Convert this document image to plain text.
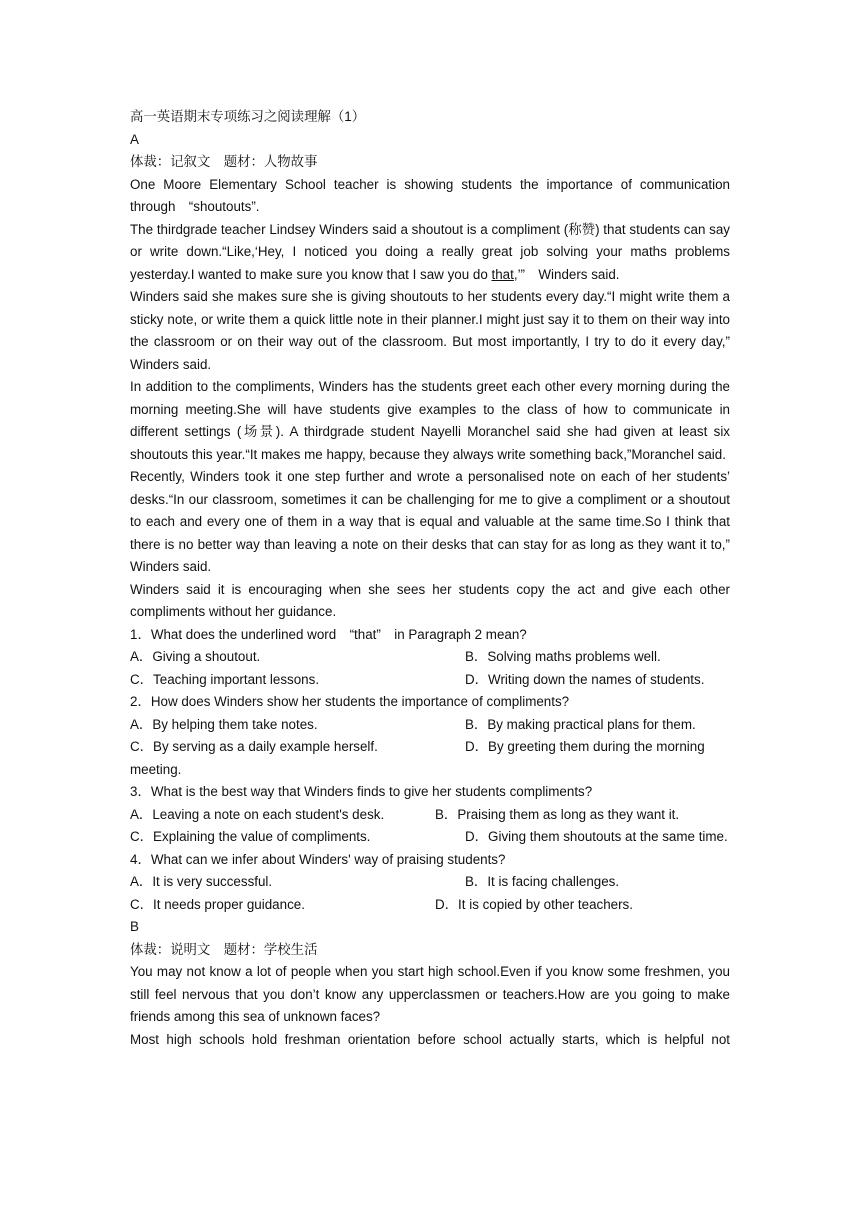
高一英语期末专项练习之阅读理解（1）
A
体裁：记叙文　题材：人物故事

One Moore Elementary School teacher is showing students the importance of communication through　“shoutouts”.

The thirdgrade teacher Lindsey Winders said a shoutout is a compliment (称赞) that students can say or write down.“Like,‘Hey, I noticed you doing a really great job solving your maths problems yesterday.I wanted to make sure you know that I saw you do that,’”　Winders said.

Winders said she makes sure she is giving shoutouts to her students every day.“I might write them a sticky note, or write them a quick little note in their planner.I might just say it to them on their way into the classroom or on their way out of the classroom. But most importantly, I try to do it every day,”　Winders said.

In addition to the compliments, Winders has the students greet each other every morning during the morning meeting.She will have students give examples to the class of how to communicate in different settings (场景). A thirdgrade student Nayelli Moranchel said she had given at least six shoutouts this year.“It makes me happy, because they always write something back,”Moranchel said.

Recently, Winders took it one step further and wrote a personalised note on each of her students’ desks.“In our classroom, sometimes it can be challenging for me to give a compliment or a shoutout to each and every one of them in a way that is equal and valuable at the same time.So I think that there is no better way than leaving a note on their desks that can stay for as long as they want it to,”　Winders said.

Winders said it is encouraging when she sees her students copy the act and give each other compliments without her guidance.

1．What does the underlined word　“that”　in Paragraph 2 mean?
A．Giving a shoutout.	B．Solving maths problems well.
C．Teaching important lessons.	D．Writing down the names of students.
2．How does Winders show her students the importance of compliments?
A．By helping them take notes.	B．By making practical plans for them.
C．By serving as a daily example herself.	D．By greeting them during the morning meeting.
3．What is the best way that Winders finds to give her students compliments?
A．Leaving a note on each student's desk.	B．Praising them as long as they want it.
C．Explaining the value of compliments.	D．Giving them shoutouts at the same time.
4．What can we infer about Winders' way of praising students?
A．It is very successful.	B．It is facing challenges.
C．It needs proper guidance.	D．It is copied by other teachers.
B
体裁：说明文　题材：学校生活

You may not know a lot of people when you start high school.Even if you know some freshmen, you still feel nervous that you don’t know any upperclassmen or teachers.How are you going to make friends among this sea of unknown faces?

Most high schools hold freshman orientation before school actually starts, which is helpful not
